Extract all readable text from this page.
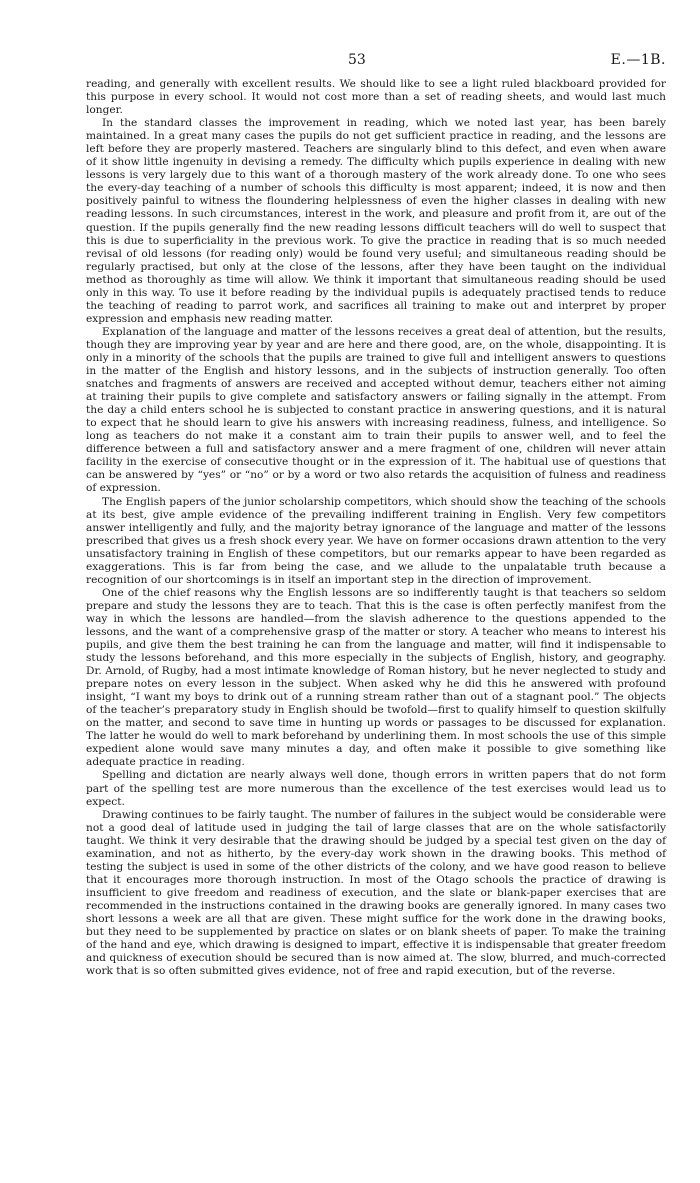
53	E.—1B.

reading, and generally with excellent results. We should like to see a light ruled blackboard provided for this purpose in every school. It would not cost more than a set of reading sheets, and would last much longer.

In the standard classes the improvement in reading, which we noted last year, has been barely maintained. In a great many cases the pupils do not get sufficient practice in reading, and the lessons are left before they are properly mastered. Teachers are singularly blind to this defect, and even when aware of it show little ingenuity in devising a remedy. The difficulty which pupils experience in dealing with new lessons is very largely due to this want of a thorough mastery of the work already done. To one who sees the every-day teaching of a number of schools this difficulty is most apparent; indeed, it is now and then positively painful to witness the floundering helplessness of even the higher classes in dealing with new reading lessons. In such circumstances, interest in the work, and pleasure and profit from it, are out of the question. If the pupils generally find the new reading lessons difficult teachers will do well to suspect that this is due to superficiality in the previous work. To give the practice in reading that is so much needed revisal of old lessons (for reading only) would be found very useful; and simultaneous reading should be regularly practised, but only at the close of the lessons, after they have been taught on the individual method as thoroughly as time will allow. We think it important that simultaneous reading should be used only in this way. To use it before reading by the individual pupils is adequately practised tends to reduce the teaching of reading to parrot work, and sacrifices all training to make out and interpret by proper expression and emphasis new reading matter.

Explanation of the language and matter of the lessons receives a great deal of attention, but the results, though they are improving year by year and are here and there good, are, on the whole, disappointing. It is only in a minority of the schools that the pupils are trained to give full and intelligent answers to questions in the matter of the English and history lessons, and in the subjects of instruction generally. Too often snatches and fragments of answers are received and accepted without demur, teachers either not aiming at training their pupils to give complete and satisfactory answers or failing signally in the attempt. From the day a child enters school he is subjected to constant practice in answering questions, and it is natural to expect that he should learn to give his answers with increasing readiness, fulness, and intelligence. So long as teachers do not make it a constant aim to train their pupils to answer well, and to feel the difference between a full and satisfactory answer and a mere fragment of one, children will never attain facility in the exercise of consecutive thought or in the expression of it. The habitual use of questions that can be answered by “yes” or “no” or by a word or two also retards the acquisition of fulness and readiness of expression.

The English papers of the junior scholarship competitors, which should show the teaching of the schools at its best, give ample evidence of the prevailing indifferent training in English. Very few competitors answer intelligently and fully, and the majority betray ignorance of the language and matter of the lessons prescribed that gives us a fresh shock every year. We have on former occasions drawn attention to the very unsatisfactory training in English of these competitors, but our remarks appear to have been regarded as exaggerations. This is far from being the case, and we allude to the unpalatable truth because a recognition of our shortcomings is in itself an important step in the direction of improvement.

One of the chief reasons why the English lessons are so indifferently taught is that teachers so seldom prepare and study the lessons they are to teach. That this is the case is often perfectly manifest from the way in which the lessons are handled—from the slavish adherence to the questions appended to the lessons, and the want of a comprehensive grasp of the matter or story. A teacher who means to interest his pupils, and give them the best training he can from the language and matter, will find it indispensable to study the lessons beforehand, and this more especially in the subjects of English, history, and geography. Dr. Arnold, of Rugby, had a most intimate knowledge of Roman history, but he never neglected to study and prepare notes on every lesson in the subject. When asked why he did this he answered with profound insight, “I want my boys to drink out of a running stream rather than out of a stagnant pool.” The objects of the teacher’s preparatory study in English should be twofold—first to qualify himself to question skilfully on the matter, and second to save time in hunting up words or passages to be discussed for explanation. The latter he would do well to mark beforehand by underlining them. In most schools the use of this simple expedient alone would save many minutes a day, and often make it possible to give something like adequate practice in reading.

Spelling and dictation are nearly always well done, though errors in written papers that do not form part of the spelling test are more numerous than the excellence of the test exercises would lead us to expect.

Drawing continues to be fairly taught. The number of failures in the subject would be considerable were not a good deal of latitude used in judging the tail of large classes that are on the whole satisfactorily taught. We think it very desirable that the drawing should be judged by a special test given on the day of examination, and not as hitherto, by the every-day work shown in the drawing books. This method of testing the subject is used in some of the other districts of the colony, and we have good reason to believe that it encourages more thorough instruction. In most of the Otago schools the practice of drawing is insufficient to give freedom and readiness of execution, and the slate or blank-paper exercises that are recommended in the instructions contained in the drawing books are generally ignored. In many cases two short lessons a week are all that are given. These might suffice for the work done in the drawing books, but they need to be supplemented by practice on slates or on blank sheets of paper. To make the training of the hand and eye, which drawing is designed to impart, effective it is indispensable that greater freedom and quickness of execution should be secured than is now aimed at. The slow, blurred, and much-corrected work that is so often submitted gives evidence, not of free and rapid execution, but of the reverse.
